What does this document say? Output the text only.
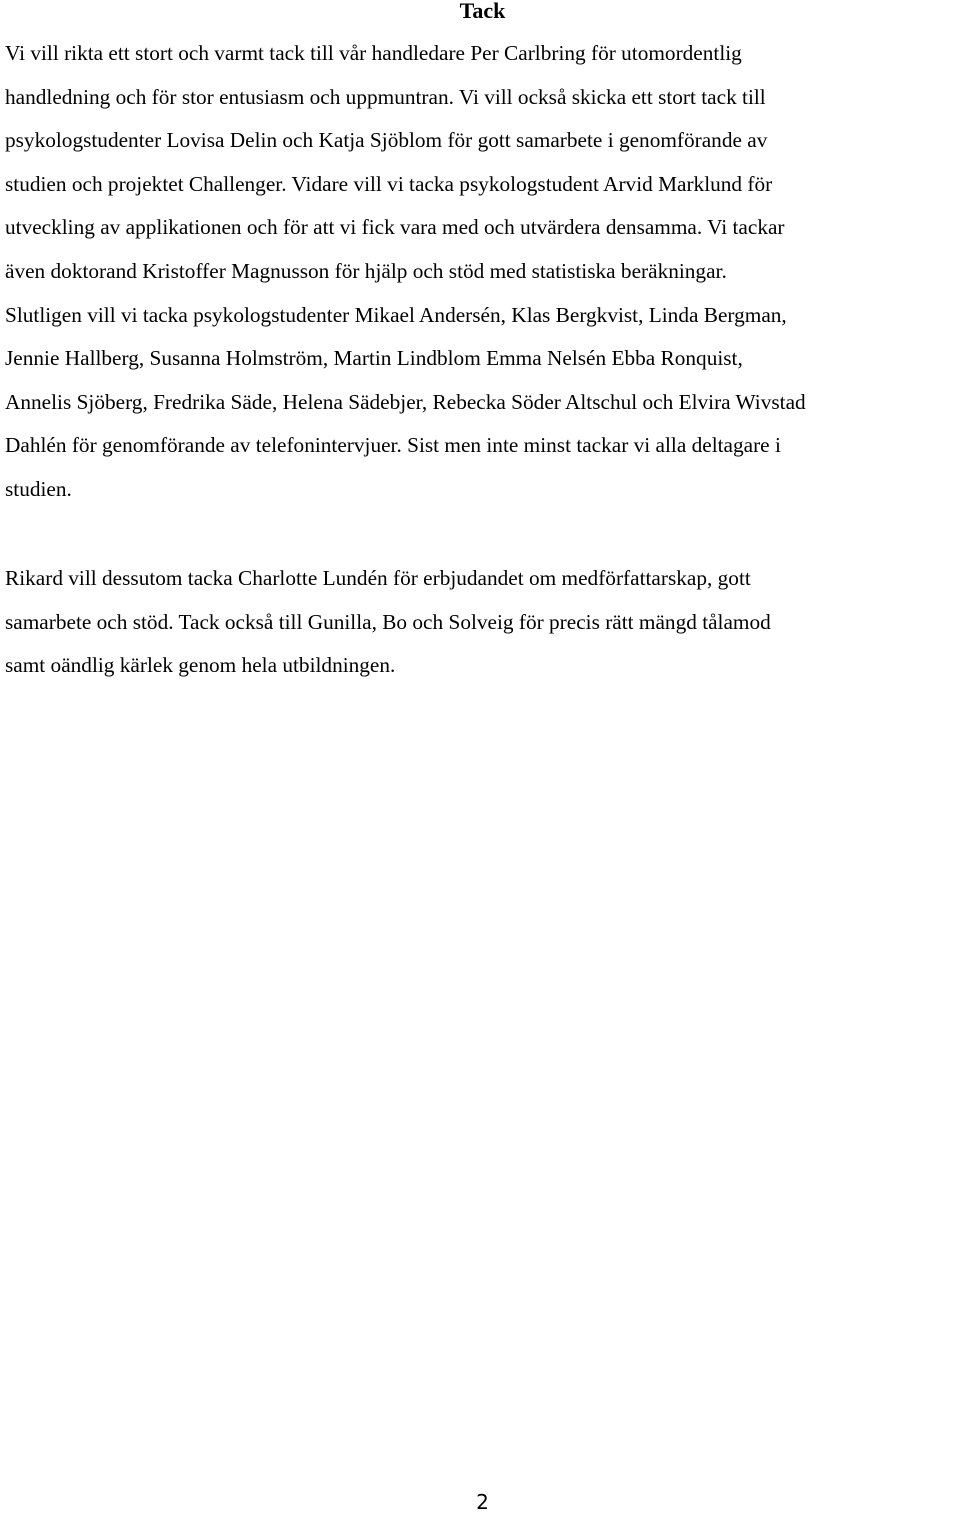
Tack
Vi vill rikta ett stort och varmt tack till vår handledare Per Carlbring för utomordentlig
handledning och för stor entusiasm och uppmuntran. Vi vill också skicka ett stort tack till
psykologstudenter Lovisa Delin och Katja Sjöblom för gott samarbete i genomförande av
studien och projektet Challenger. Vidare vill vi tacka psykologstudent Arvid Marklund för
utveckling av applikationen och för att vi fick vara med och utvärdera densamma. Vi tackar
även doktorand Kristoffer Magnusson för hjälp och stöd med statistiska beräkningar.
Slutligen vill vi tacka psykologstudenter Mikael Andersén, Klas Bergkvist, Linda Bergman,
Jennie Hallberg, Susanna Holmström, Martin Lindblom Emma Nelsén Ebba Ronquist,
Annelis Sjöberg, Fredrika Säde, Helena Sädebjer, Rebecka Söder Altschul och Elvira Wivstad
Dahlén för genomförande av telefonintervjuer. Sist men inte minst tackar vi alla deltagare i
studien.
Rikard vill dessutom tacka Charlotte Lundén för erbjudandet om medförfattarskap, gott
samarbete och stöd. Tack också till Gunilla, Bo och Solveig för precis rätt mängd tålamod
samt oändlig kärlek genom hela utbildningen.
2
